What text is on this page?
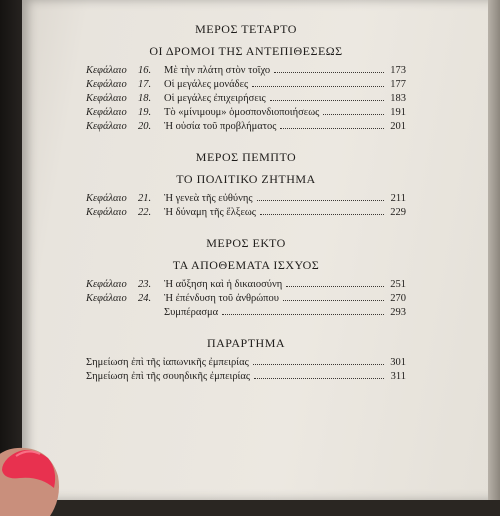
ΜΕΡΟΣ ΤΕΤΑΡΤΟ
ΟΙ ΔΡΟΜΟΙ ΤΗΣ ΑΝΤΕΠΙΘΕΣΕΩΣ
Κεφάλαιο	16.	Μὲ τὴν πλάτη στὸν τοῖχο	173
Κεφάλαιο	17.	Οἱ μεγάλες μονάδες	177
Κεφάλαιο	18.	Οἱ μεγάλες ἐπιχειρήσεις	183
Κεφάλαιο	19.	Τὸ «μίνιμουμ» ὁμοσπονδιοποιήσεως	191
Κεφάλαιο	20.	Ἡ οὐσία τοῦ προβλήματος	201
ΜΕΡΟΣ ΠΕΜΠΤΟ
ΤΟ ΠΟΛΙΤΙΚΟ ΖΗΤΗΜΑ
Κεφάλαιο	21.	Ἡ γενεὰ τῆς εὐθύνης	211
Κεφάλαιο	22.	Ἡ δύναμη τῆς ἕλξεως	229
ΜΕΡΟΣ ΕΚΤΟ
ΤΑ ΑΠΟΘΕΜΑΤΑ ΙΣΧΥΟΣ
Κεφάλαιο	23.	Ἡ αὔξηση καὶ ἡ δικαιοσύνη	251
Κεφάλαιο	24.	Ἡ ἐπένδυση τοῦ ἀνθρώπου	270
Συμπέρασμα	293
ΠΑΡΑΡΤΗΜΑ
Σημείωση ἐπὶ τῆς ἰαπωνικῆς ἐμπειρίας	301
Σημείωση ἐπὶ τῆς σουηδικῆς ἐμπειρίας	311
